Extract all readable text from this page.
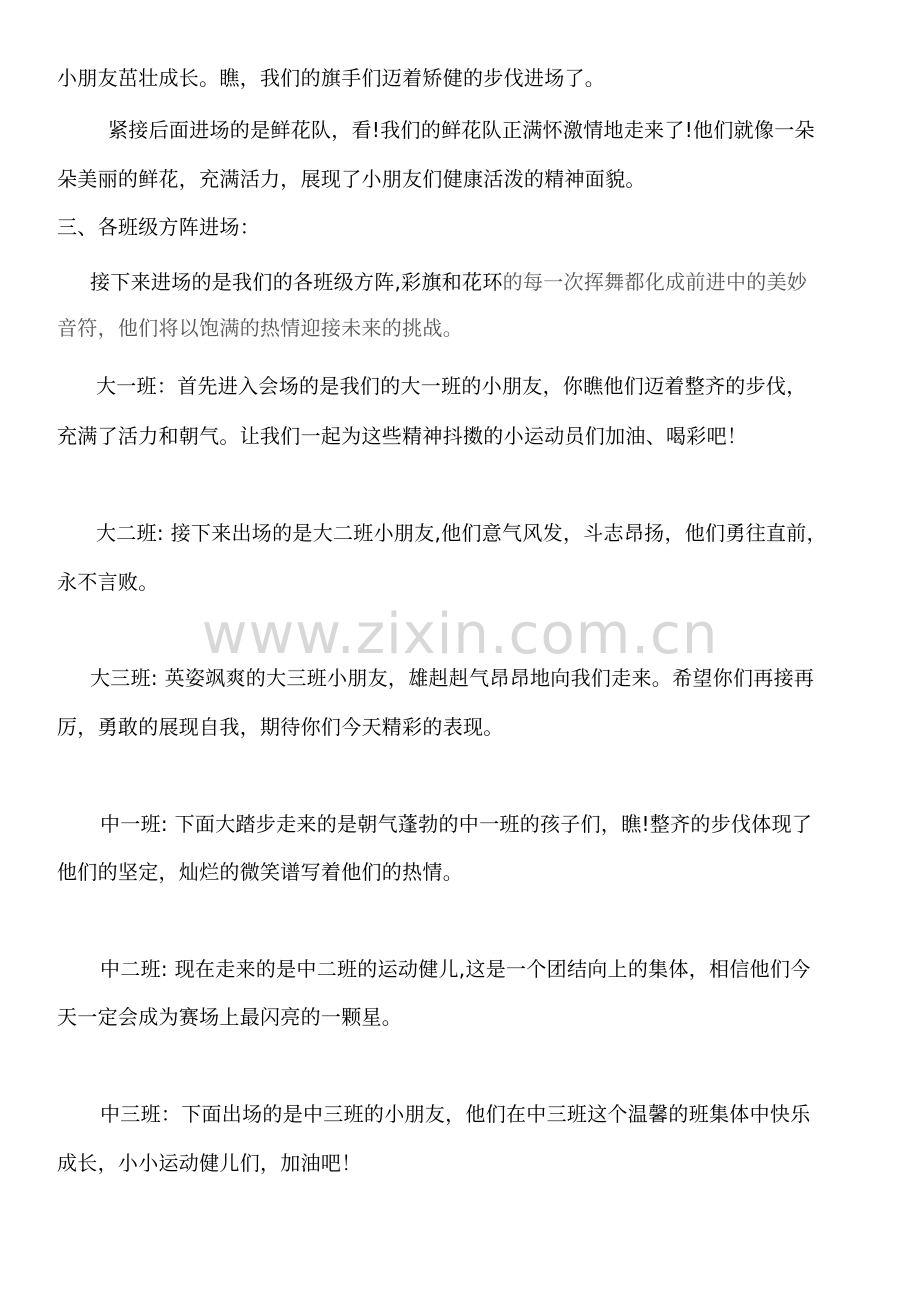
小朋友茁壮成长。瞧，我们的旗手们迈着矫健的步伐进场了。
紧接后面进场的是鲜花队，看!我们的鲜花队正满怀激情地走来了!他们就像一朵
朵美丽的鲜花，充满活力，展现了小朋友们健康活泼的精神面貌。
三、各班级方阵进场：
接下来进场的是我们的各班级方阵,彩旗和花环的每一次挥舞都化成前进中的美妙
音符，他们将以饱满的热情迎接未来的挑战。
大一班：首先进入会场的是我们的大一班的小朋友，你瞧他们迈着整齐的步伐，
充满了活力和朝气。让我们一起为这些精神抖擞的小运动员们加油、喝彩吧！
大二班: 接下来出场的是大二班小朋友,他们意气风发，斗志昂扬，他们勇往直前，
永不言败。
www.zixin.com.cn
大三班: 英姿飒爽的大三班小朋友，雄赳赳气昂昂地向我们走来。希望你们再接再
厉，勇敢的展现自我，期待你们今天精彩的表现。
中一班: 下面大踏步走来的是朝气蓬勃的中一班的孩子们，瞧!整齐的步伐体现了
他们的坚定，灿烂的微笑谱写着他们的热情。
中二班: 现在走来的是中二班的运动健儿,这是一个团结向上的集体，相信他们今
天一定会成为赛场上最闪亮的一颗星。
中三班：下面出场的是中三班的小朋友，他们在中三班这个温馨的班集体中快乐
成长，小小运动健儿们，加油吧！
